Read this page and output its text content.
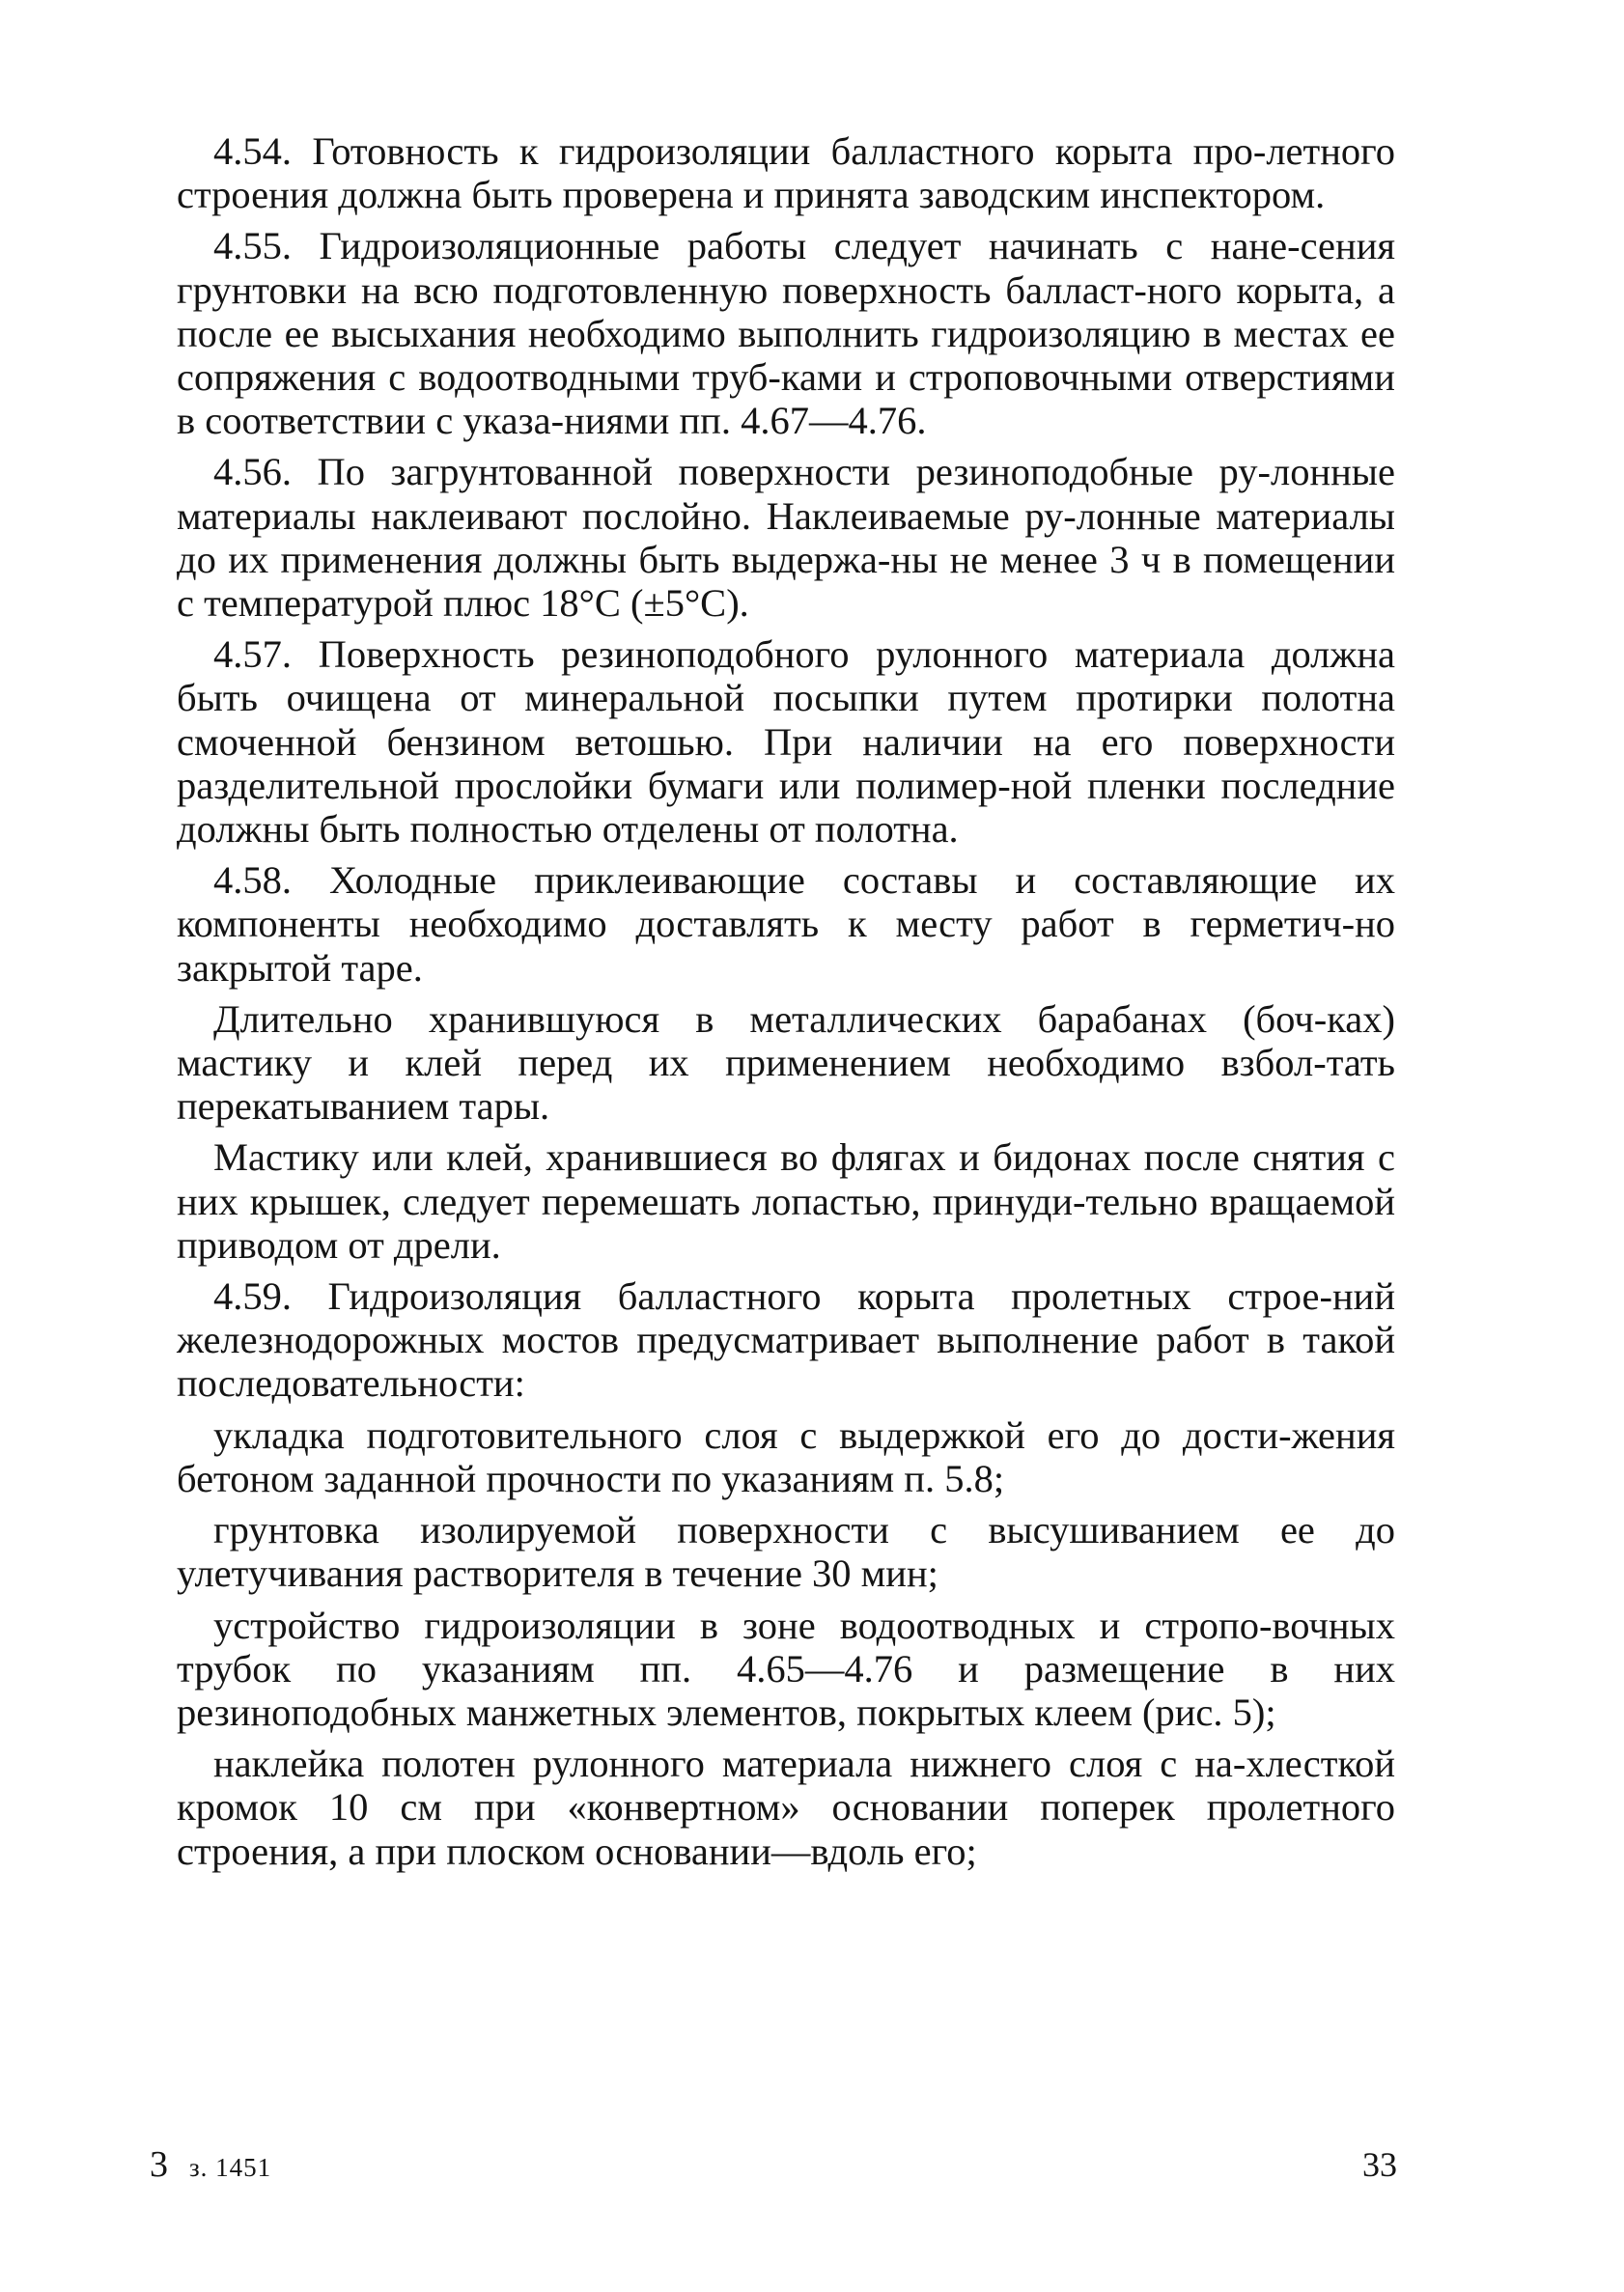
4.54. Готовность к гидроизоляции балластного корыта про-летного строения должна быть проверена и принята заводским инспектором.

4.55. Гидроизоляционные работы следует начинать с нане-сения грунтовки на всю подготовленную поверхность балласт-ного корыта, а после ее высыхания необходимо выполнить гидроизоляцию в местах ее сопряжения с водоотводными труб-ками и строповочными отверстиями в соответствии с указа-ниями пп. 4.67—4.76.

4.56. По загрунтованной поверхности резиноподобные ру-лонные материалы наклеивают послойно. Наклеиваемые ру-лонные материалы до их применения должны быть выдержа-ны не менее 3 ч в помещении с температурой плюс 18°С (±5°С).

4.57. Поверхность резиноподобного рулонного материала должна быть очищена от минеральной посыпки путем протирки полотна смоченной бензином ветошью. При наличии на его поверхности разделительной прослойки бумаги или полимер-ной пленки последние должны быть полностью отделены от полотна.

4.58. Холодные приклеивающие составы и составляющие их компоненты необходимо доставлять к месту работ в герметич-но закрытой таре.

Длительно хранившуюся в металлических барабанах (боч-ках) мастику и клей перед их применением необходимо взбол-тать перекатыванием тары.

Мастику или клей, хранившиеся во флягах и бидонах после снятия с них крышек, следует перемешать лопастью, принуди-тельно вращаемой приводом от дрели.

4.59. Гидроизоляция балластного корыта пролетных строе-ний железнодорожных мостов предусматривает выполнение работ в такой последовательности:

укладка подготовительного слоя с выдержкой его до дости-жения бетоном заданной прочности по указаниям п. 5.8;

грунтовка изолируемой поверхности с высушиванием ее до улетучивания растворителя в течение 30 мин;

устройство гидроизоляции в зоне водоотводных и стропо-вочных трубок по указаниям пп. 4.65—4.76 и размещение в них резиноподобных манжетных элементов, покрытых клеем (рис. 5);

наклейка полотен рулонного материала нижнего слоя с на-хлесткой кромок 10 см при «конвертном» основании поперек пролетного строения, а при плоском основании—вдоль его;

3 з. 1451	33
